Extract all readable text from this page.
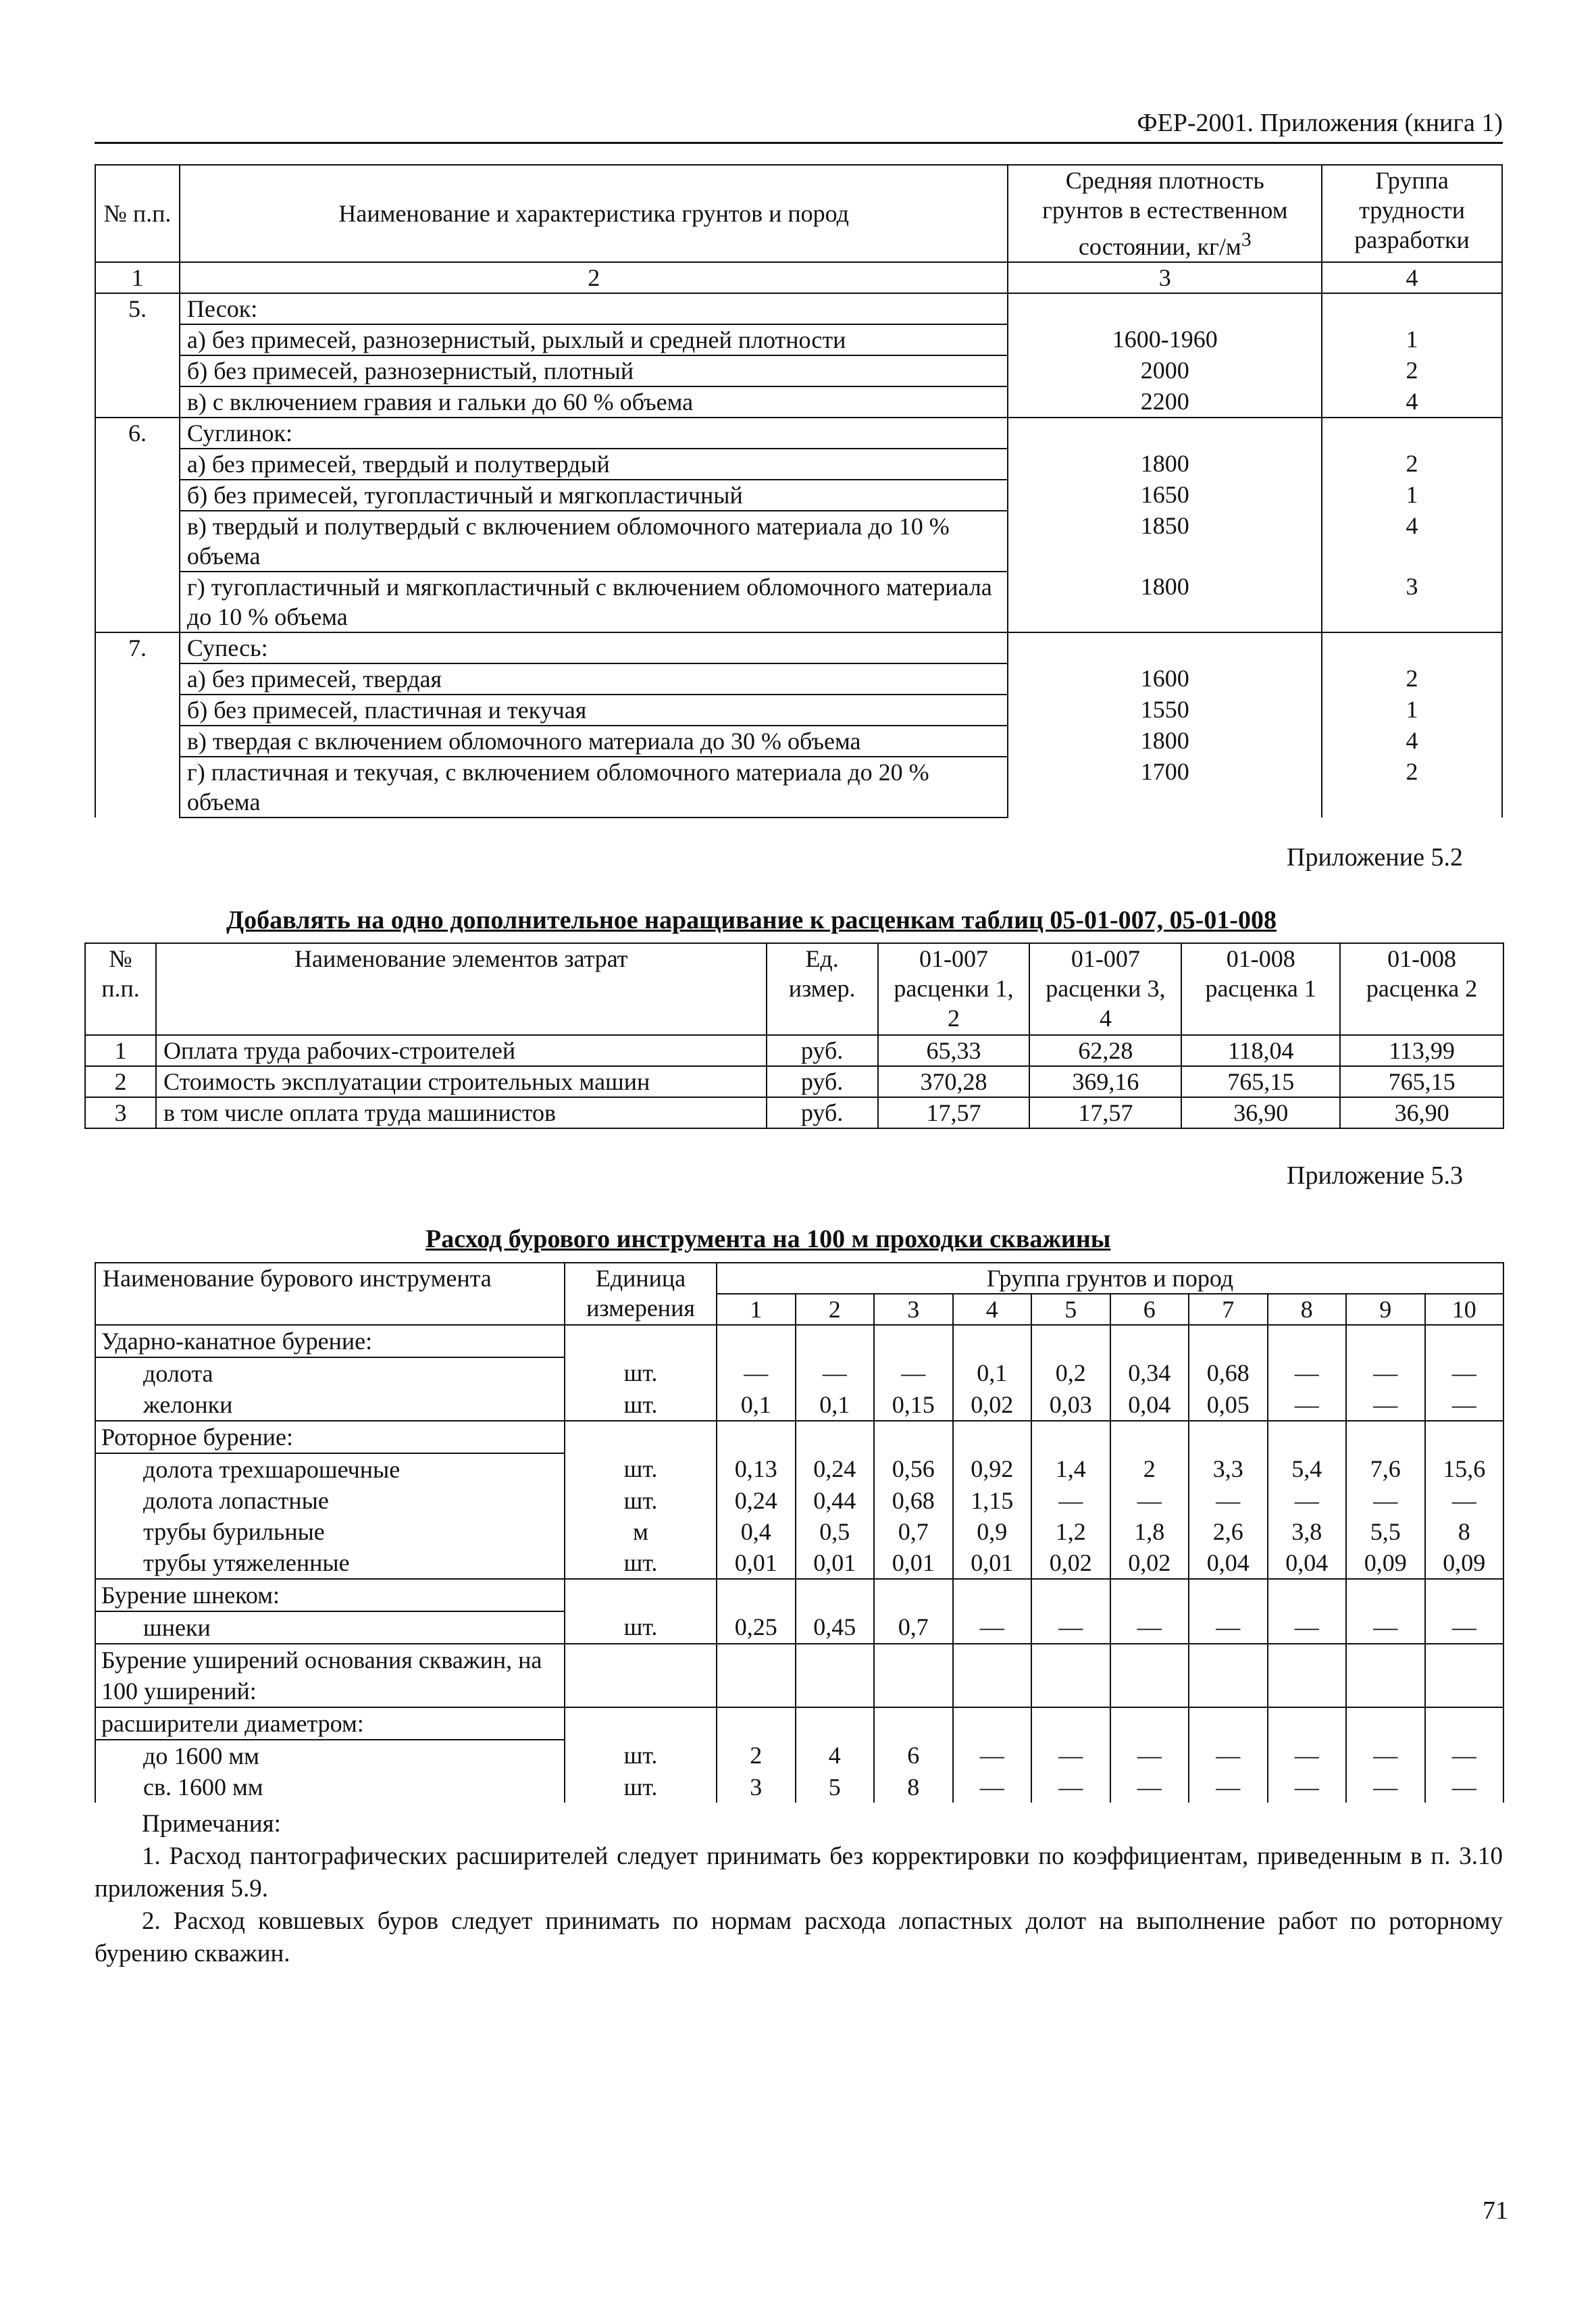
ФЕР-2001. Приложения (книга 1)
№ п.п.	Наименование и характеристика грунтов и пород	Средняя плотность
грунтов в естественном
состоянии, $кг/м^3$	Группа трудности разработки
1	2	3	4
5.	Песок:		
	а) без примесей, разнозернистый, рыхлый и средней плотности	1600-1960	1
	б) без примесей, разнозернистый, плотный	2000	2
	в) с включением гравия и гальки до 60 % объема	2200	4
6.	Суглинок:		
	а) без примесей, твердый и полутвердый	1800	2
	б) без примесей, тугопластичный и мягкопластичный	1650	1
	в) твердый и полутвердый с включением обломочного материала до 10 % объема	1850	4
	г) тугопластичный и мягкопластичный с включением обломочного материала до 10 % объема	1800	3
7.	Супесь:		
	а) без примесей, твердая	1600	2
	б) без примесей, пластичная и текучая	1550	1
	в) твердая с включением обломочного материала до 30 % объема	1800	4
	г) пластичная и текучая, с включением обломочного материала до 20 % объема	1700	2
Приложение 5.2
Добавлять на одно дополнительное наращивание к расценкам таблиц 05-01-007, 05-01-008
№ п.п.	Наименование элементов затрат	Ед. измер.	01-007 расценки 1, 2	01-007 расценки 3, 4	01-008 расценка 1	01-008 расценка 2
1	Оплата труда рабочих-строителей	руб.	65,33	62,28	118,04	113,99
2	Стоимость эксплуатации строительных машин	руб.	370,28	369,16	765,15	765,15
3	в том числе оплата труда машинистов	руб.	17,57	17,57	36,90	36,90
Приложение 5.3
Расход бурового инструмента на 100 м проходки скважины
Наименование бурового инструмента	Единица измерения	Группа грунтов и пород									
		1	2	3	4	5	6	7	8	9	10
Ударно-канатное бурение:											
долота	шт.	—	—	—	0,1	0,2	0,34	0,68	—	—	—
желонки	шт.	0,1	0,1	0,15	0,02	0,03	0,04	0,05	—	—	—
Роторное бурение:											
долота трехшарошечные	шт.	0,13	0,24	0,56	0,92	1,4	2	3,3	5,4	7,6	15,6
долота лопастные	шт.	0,24	0,44	0,68	1,15	—	—	—	—	—	—
трубы бурильные	м	0,4	0,5	0,7	0,9	1,2	1,8	2,6	3,8	5,5	8
трубы утяжеленные	шт.	0,01	0,01	0,01	0,01	0,02	0,02	0,04	0,04	0,09	0,09
Бурение шнеком:											
шнеки	шт.	0,25	0,45	0,7	—	—	—	—	—	—	—
Бурение уширений основания скважин, на 100 уширений:											
расширители диаметром:											
до 1600 мм	шт.	2	4	6	—	—	—	—	—	—	—
св. 1600 мм	шт.	3	5	8	—	—	—	—	—	—	—

Примечания:

1. Расход пантографических расширителей следует принимать без корректировки по коэффициентам, приведенным в п. 3.10 приложения 5.9.

2. Расход ковшевых буров следует принимать по нормам расхода лопастных долот на выполнение работ по роторному бурению скважин.

71
